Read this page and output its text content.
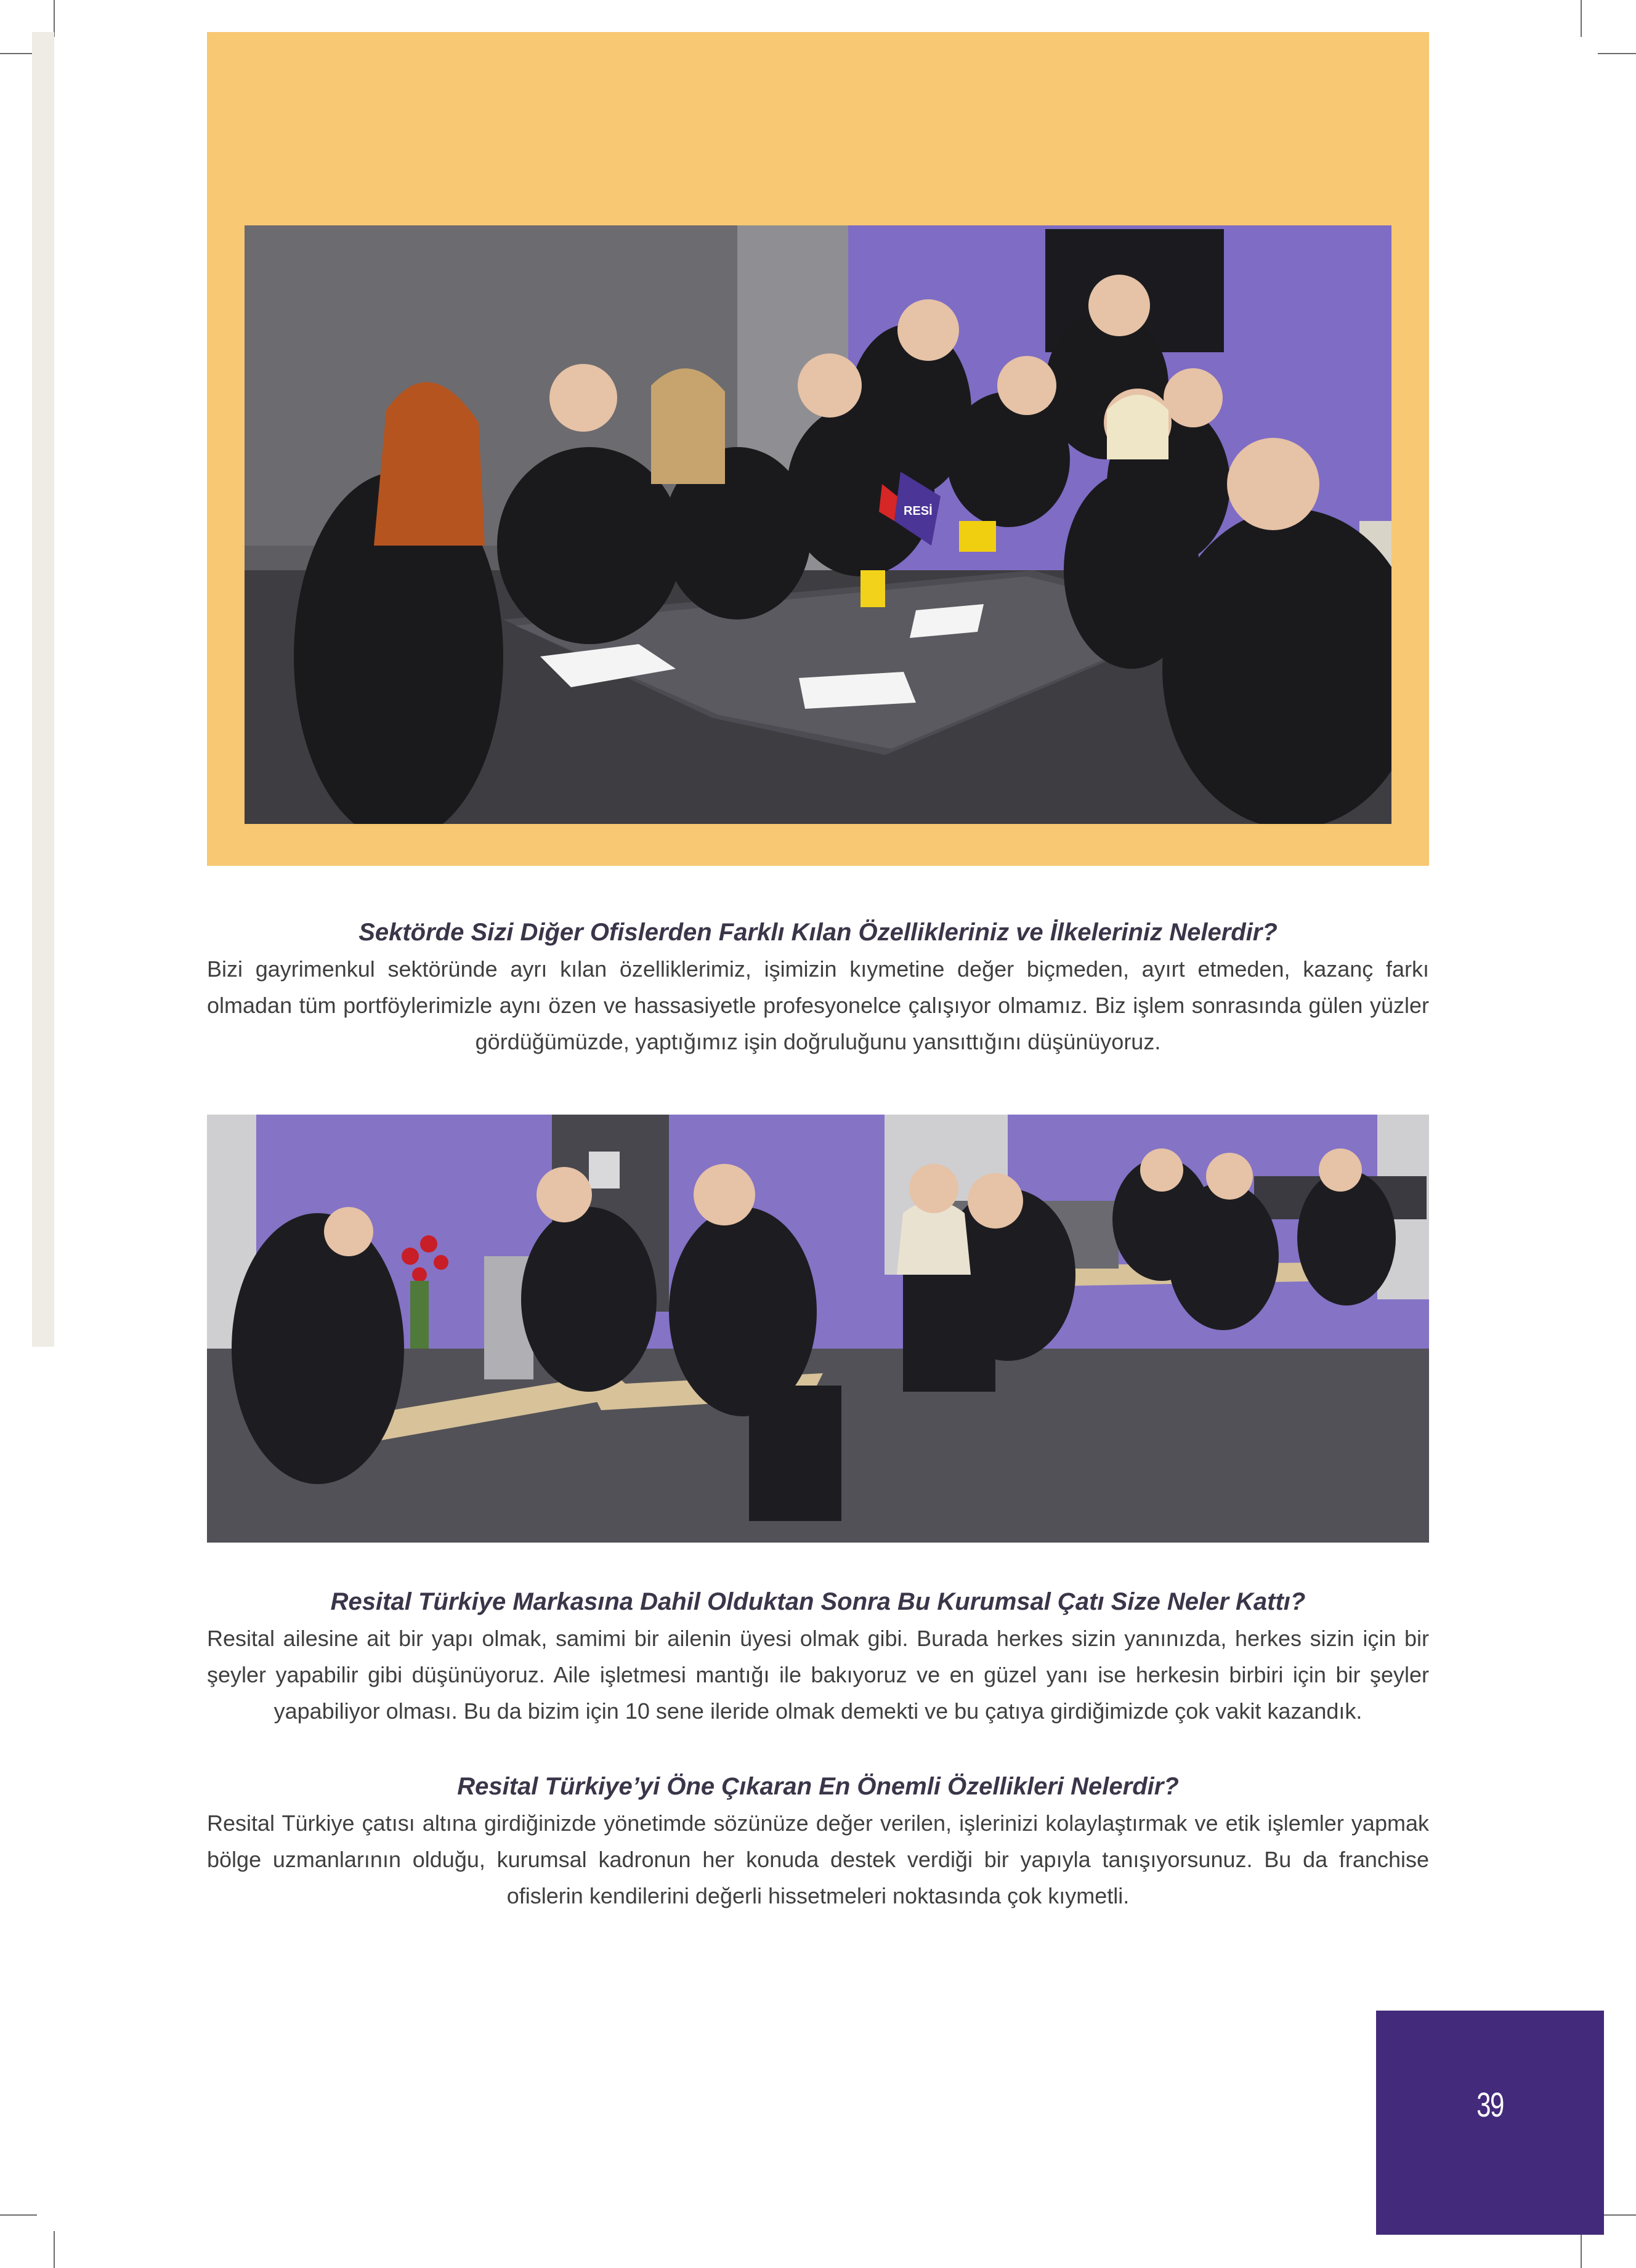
RESİ

Sektörde Sizi Diğer Ofislerden Farklı Kılan Özellikleriniz ve İlkeleriniz Nelerdir?

Bizi gayrimenkul sektöründe ayrı kılan özelliklerimiz, işimizin kıymetine değer biçmeden, ayırt etmeden, kazanç farkı olmadan tüm portföylerimizle aynı özen ve hassasiyetle profesyonelce çalışıyor olmamız. Biz işlem sonrasında gülen yüzler gördüğümüzde, yaptığımız işin doğruluğunu yansıttığını düşünüyoruz.

Resital Türkiye Markasına Dahil Olduktan Sonra Bu Kurumsal Çatı Size Neler Kattı?

Resital ailesine ait bir yapı olmak, samimi bir ailenin üyesi olmak gibi. Burada herkes sizin yanınızda, herkes sizin için bir şeyler yapabilir gibi düşünüyoruz. Aile işletmesi mantığı ile bakıyoruz ve en güzel yanı ise herkesin birbiri için bir şeyler yapabiliyor olması. Bu da bizim için 10 sene ileride olmak demekti ve bu çatıya girdiğimizde çok vakit kazandık.

Resital Türkiye’yi Öne Çıkaran En Önemli Özellikleri Nelerdir?

Resital Türkiye çatısı altına girdiğinizde yönetimde sözünüze değer verilen, işlerinizi kolaylaştırmak ve etik işlemler yapmak bölge uzmanlarının olduğu, kurumsal kadronun her konuda destek verdiği bir yapıyla tanışıyorsunuz. Bu da franchise ofislerin kendilerini değerli hissetmeleri noktasında çok kıymetli.

39
